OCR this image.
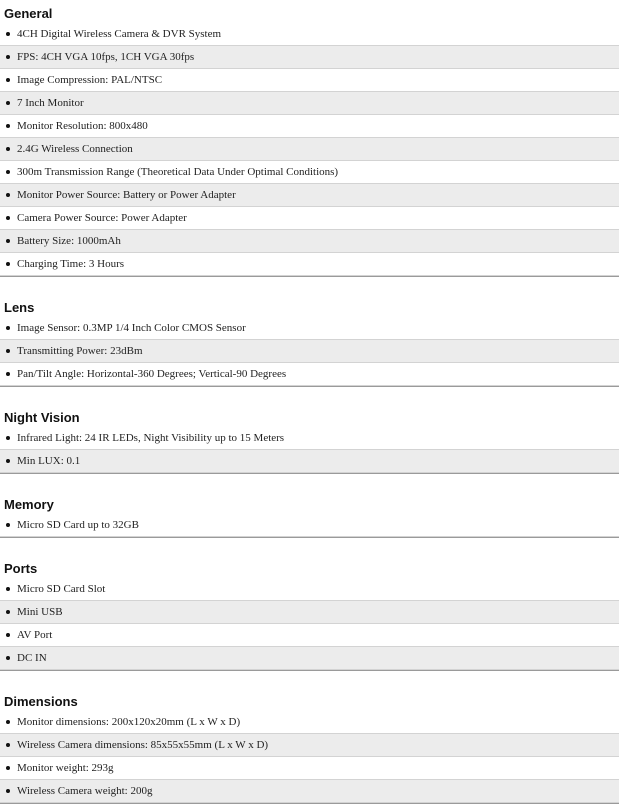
General
4CH Digital Wireless Camera & DVR System
FPS: 4CH VGA 10fps, 1CH VGA 30fps
Image Compression: PAL/NTSC
7 Inch Monitor
Monitor Resolution: 800x480
2.4G Wireless Connection
300m Transmission Range (Theoretical Data Under Optimal Conditions)
Monitor Power Source: Battery or Power Adapter
Camera Power Source: Power Adapter
Battery Size: 1000mAh
Charging Time: 3 Hours
Lens
Image Sensor: 0.3MP 1/4 Inch Color CMOS Sensor
Transmitting Power: 23dBm
Pan/Tilt Angle: Horizontal-360 Degrees; Vertical-90 Degrees
Night Vision
Infrared Light: 24 IR LEDs, Night Visibility up to 15 Meters
Min LUX: 0.1
Memory
Micro SD Card up to 32GB
Ports
Micro SD Card Slot
Mini USB
AV Port
DC IN
Dimensions
Monitor dimensions: 200x120x20mm (L x W x D)
Wireless Camera dimensions: 85x55x55mm (L x W x D)
Monitor weight: 293g
Wireless Camera weight: 200g
